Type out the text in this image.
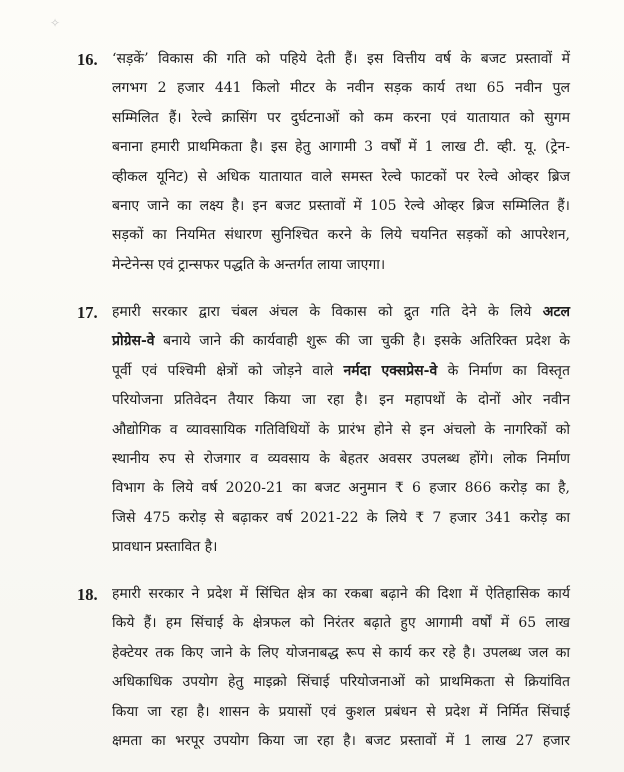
✧
16.	‘सड़कें’ विकास की गति को पहिये देती हैं। इस वित्तीय वर्ष के बजट प्रस्तावों में
लगभग 2 हजार 441 किलो मीटर के नवीन सड़क कार्य तथा 65 नवीन पुल
सम्मिलित हैं। रेल्वे क्रासिंग पर दुर्घटनाओं को कम करना एवं यातायात को सुगम
बनाना हमारी प्राथमिकता है। इस हेतु आगामी 3 वर्षों में 1 लाख टी. व्ही. यू. (ट्रेन-
व्हीकल यूनिट) से अधिक यातायात वाले समस्त रेल्वे फाटकों पर रेल्वे ओव्हर ब्रिज
बनाए जाने का लक्ष्य है। इन बजट प्रस्तावों में 105 रेल्वे ओव्हर ब्रिज सम्मिलित हैं।
सड़कों का नियमित संधारण सुनिश्चित करने के लिये चयनित सड़कों को आपरेशन,
मेन्टेनेन्स एवं ट्रान्सफर पद्धति के अन्तर्गत लाया जाएगा।
17.	हमारी सरकार द्वारा चंबल अंचल के विकास को द्रुत गति देने के लिये अटल
प्रोग्रेस-वे बनाये जाने की कार्यवाही शुरू की जा चुकी है। इसके अतिरिक्त प्रदेश के
पूर्वी एवं पश्चिमी क्षेत्रों को जोड़ने वाले नर्मदा एक्सप्रेस-वे के निर्माण का विस्तृत
परियोजना प्रतिवेदन तैयार किया जा रहा है। इन महापथों के दोनों ओर नवीन
औद्योगिक व व्यावसायिक गतिविधियों के प्रारंभ होने से इन अंचलो के नागरिकों को
स्थानीय रुप से रोजगार व व्यवसाय के बेहतर अवसर उपलब्ध होंगे। लोक निर्माण
विभाग के लिये वर्ष 2020-21 का बजट अनुमान ₹ 6 हजार 866 करोड़ का है,
जिसे 475 करोड़ से बढ़ाकर वर्ष 2021-22 के लिये ₹ 7 हजार 341 करोड़ का
प्रावधान प्रस्तावित है।
18.	हमारी सरकार ने प्रदेश में सिंचित क्षेत्र का रकबा बढ़ाने की दिशा में ऐतिहासिक कार्य
किये हैं। हम सिंचाई के क्षेत्रफल को निरंतर बढ़ाते हुए आगामी वर्षों में 65 लाख
हेक्टेयर तक किए जाने के लिए योजनाबद्ध रूप से कार्य कर रहे है। उपलब्ध जल का
अधिकाधिक उपयोग हेतु माइक्रो सिंचाई परियोजनाओं को प्राथमिकता से क्रियांवित
किया जा रहा है। शासन के प्रयासों एवं कुशल प्रबंधन से प्रदेश में निर्मित सिंचाई
क्षमता का भरपूर उपयोग किया जा रहा है। बजट प्रस्तावों में 1 लाख 27 हजार
